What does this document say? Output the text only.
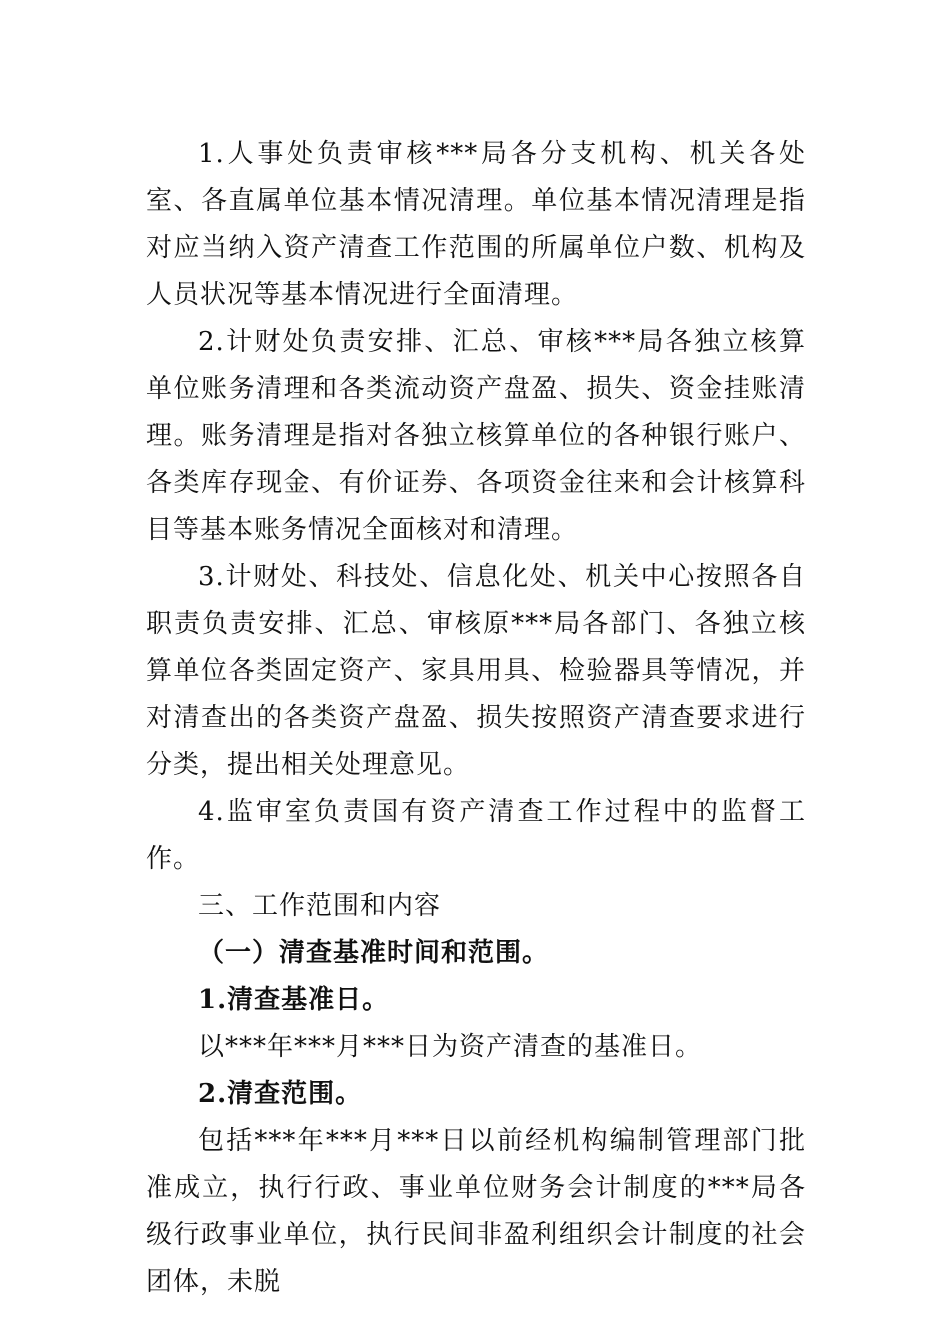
1.人事处负责审核***局各分支机构、机关各处室、各直属单位基本情况清理。单位基本情况清理是指对应当纳入资产清查工作范围的所属单位户数、机构及人员状况等基本情况进行全面清理。

2.计财处负责安排、汇总、审核***局各独立核算单位账务清理和各类流动资产盘盈、损失、资金挂账清理。账务清理是指对各独立核算单位的各种银行账户、各类库存现金、有价证券、各项资金往来和会计核算科目等基本账务情况全面核对和清理。

3.计财处、科技处、信息化处、机关中心按照各自职责负责安排、汇总、审核原***局各部门、各独立核算单位各类固定资产、家具用具、检验器具等情况，并对清查出的各类资产盘盈、损失按照资产清查要求进行分类，提出相关处理意见。

4.监审室负责国有资产清查工作过程中的监督工作。

三、工作范围和内容

（一）清查基准时间和范围。

1.清查基准日。

以***年***月***日为资产清查的基准日。

2.清查范围。

包括***年***月***日以前经机构编制管理部门批准成立，执行行政、事业单位财务会计制度的***局各级行政事业单位，执行民间非盈利组织会计制度的社会团体，未脱
